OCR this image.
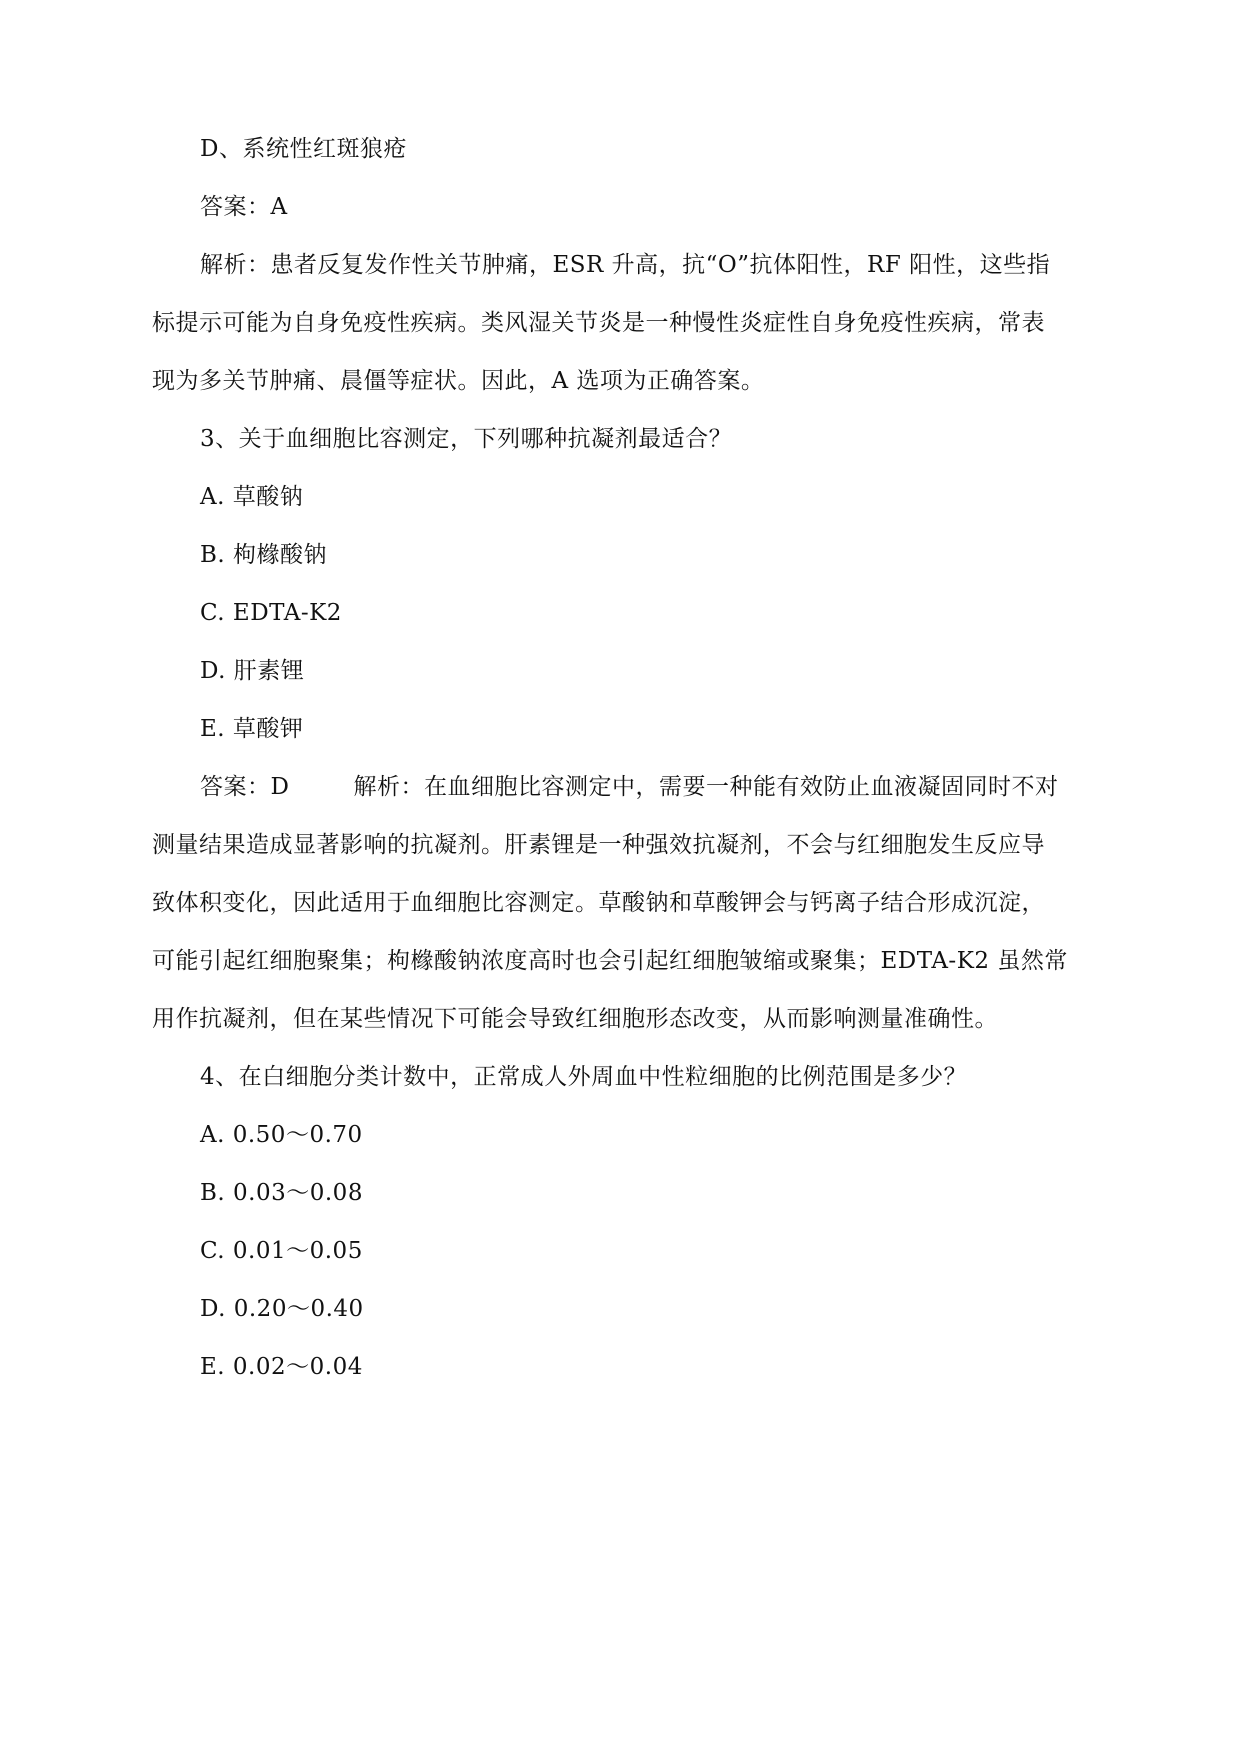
D、系统性红斑狼疮
答案：A
解析：患者反复发作性关节肿痛，ESR 升高，抗“O”抗体阳性，RF 阳性，这些指
标提示可能为自身免疫性疾病。类风湿关节炎是一种慢性炎症性自身免疫性疾病，常表
现为多关节肿痛、晨僵等症状。因此，A 选项为正确答案。
3、关于血细胞比容测定，下列哪种抗凝剂最适合？
A. 草酸钠
B. 枸橼酸钠
C. EDTA-K2
D. 肝素锂
E. 草酸钾
答案：D	解析：在血细胞比容测定中，需要一种能有效防止血液凝固同时不对
测量结果造成显著影响的抗凝剂。肝素锂是一种强效抗凝剂，不会与红细胞发生反应导
致体积变化，因此适用于血细胞比容测定。草酸钠和草酸钾会与钙离子结合形成沉淀，
可能引起红细胞聚集；枸橼酸钠浓度高时也会引起红细胞皱缩或聚集；EDTA-K2 虽然常
用作抗凝剂，但在某些情况下可能会导致红细胞形态改变，从而影响测量准确性。
4、在白细胞分类计数中，正常成人外周血中性粒细胞的比例范围是多少？
A. 0.50～0.70
B. 0.03～0.08
C. 0.01～0.05
D. 0.20～0.40
E. 0.02～0.04
